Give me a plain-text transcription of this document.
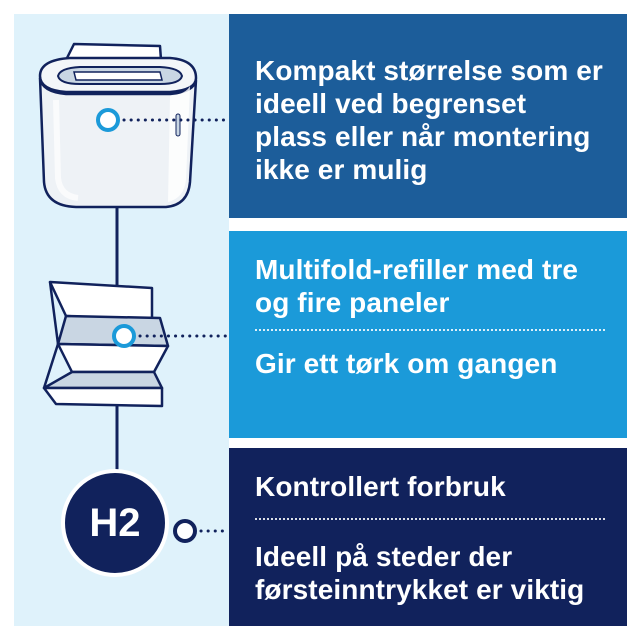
H2
Kompakt størrelse som er ideell ved begrenset plass eller når montering ikke er mulig
Multifold-refiller med tre og fire paneler
Gir ett tørk om gangen
Kontrollert forbruk
Ideell på steder der førsteinntrykket er viktig
